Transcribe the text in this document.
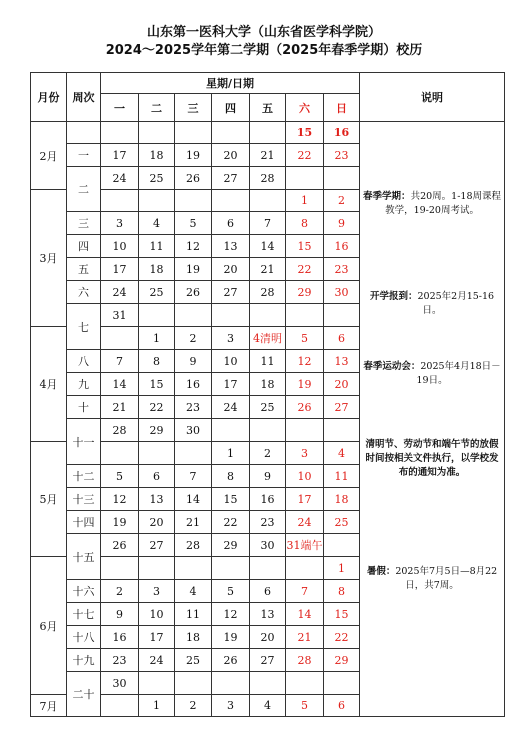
山东第一医科大学（山东省医学科学院）
2024～2025学年第二学期（2025年春季学期）校历
月份	周次	星期/日期							说明
		一	二	三	四	五	六	日	
2月							15	16	春季学期：共20周。1-18周课程教学，19-20周考试。
开学报到：2025年2月15-16日。
春季运动会：2025年4月18日－19日。
清明节、劳动节和端午节的放假时间按相关文件执行，以学校发布的通知为准。
暑假：2025年7月5日—8月22日，共7周。

	一	17	18	19	20	21	22	23	
	二	24	25	26	27	28			
3月							1	2	
	三	3	4	5	6	7	8	9	
	四	10	11	12	13	14	15	16	
	五	17	18	19	20	21	22	23	
	六	24	25	26	27	28	29	30	
	七	31							
4月			1	2	3	4清明	5	6	
	八	7	8	9	10	11	12	13	
	九	14	15	16	17	18	19	20	
	十	21	22	23	24	25	26	27	
	十一	28	29	30					
5月					1	2	3	4	
	十二	5	6	7	8	9	10	11	
	十三	12	13	14	15	16	17	18	
	十四	19	20	21	22	23	24	25	
	十五	26	27	28	29	30	31端午		
6月								1	
	十六	2	3	4	5	6	7	8	
	十七	9	10	11	12	13	14	15	
	十八	16	17	18	19	20	21	22	
	十九	23	24	25	26	27	28	29	
	二十	30							
7月			1	2	3	4	5	6	
